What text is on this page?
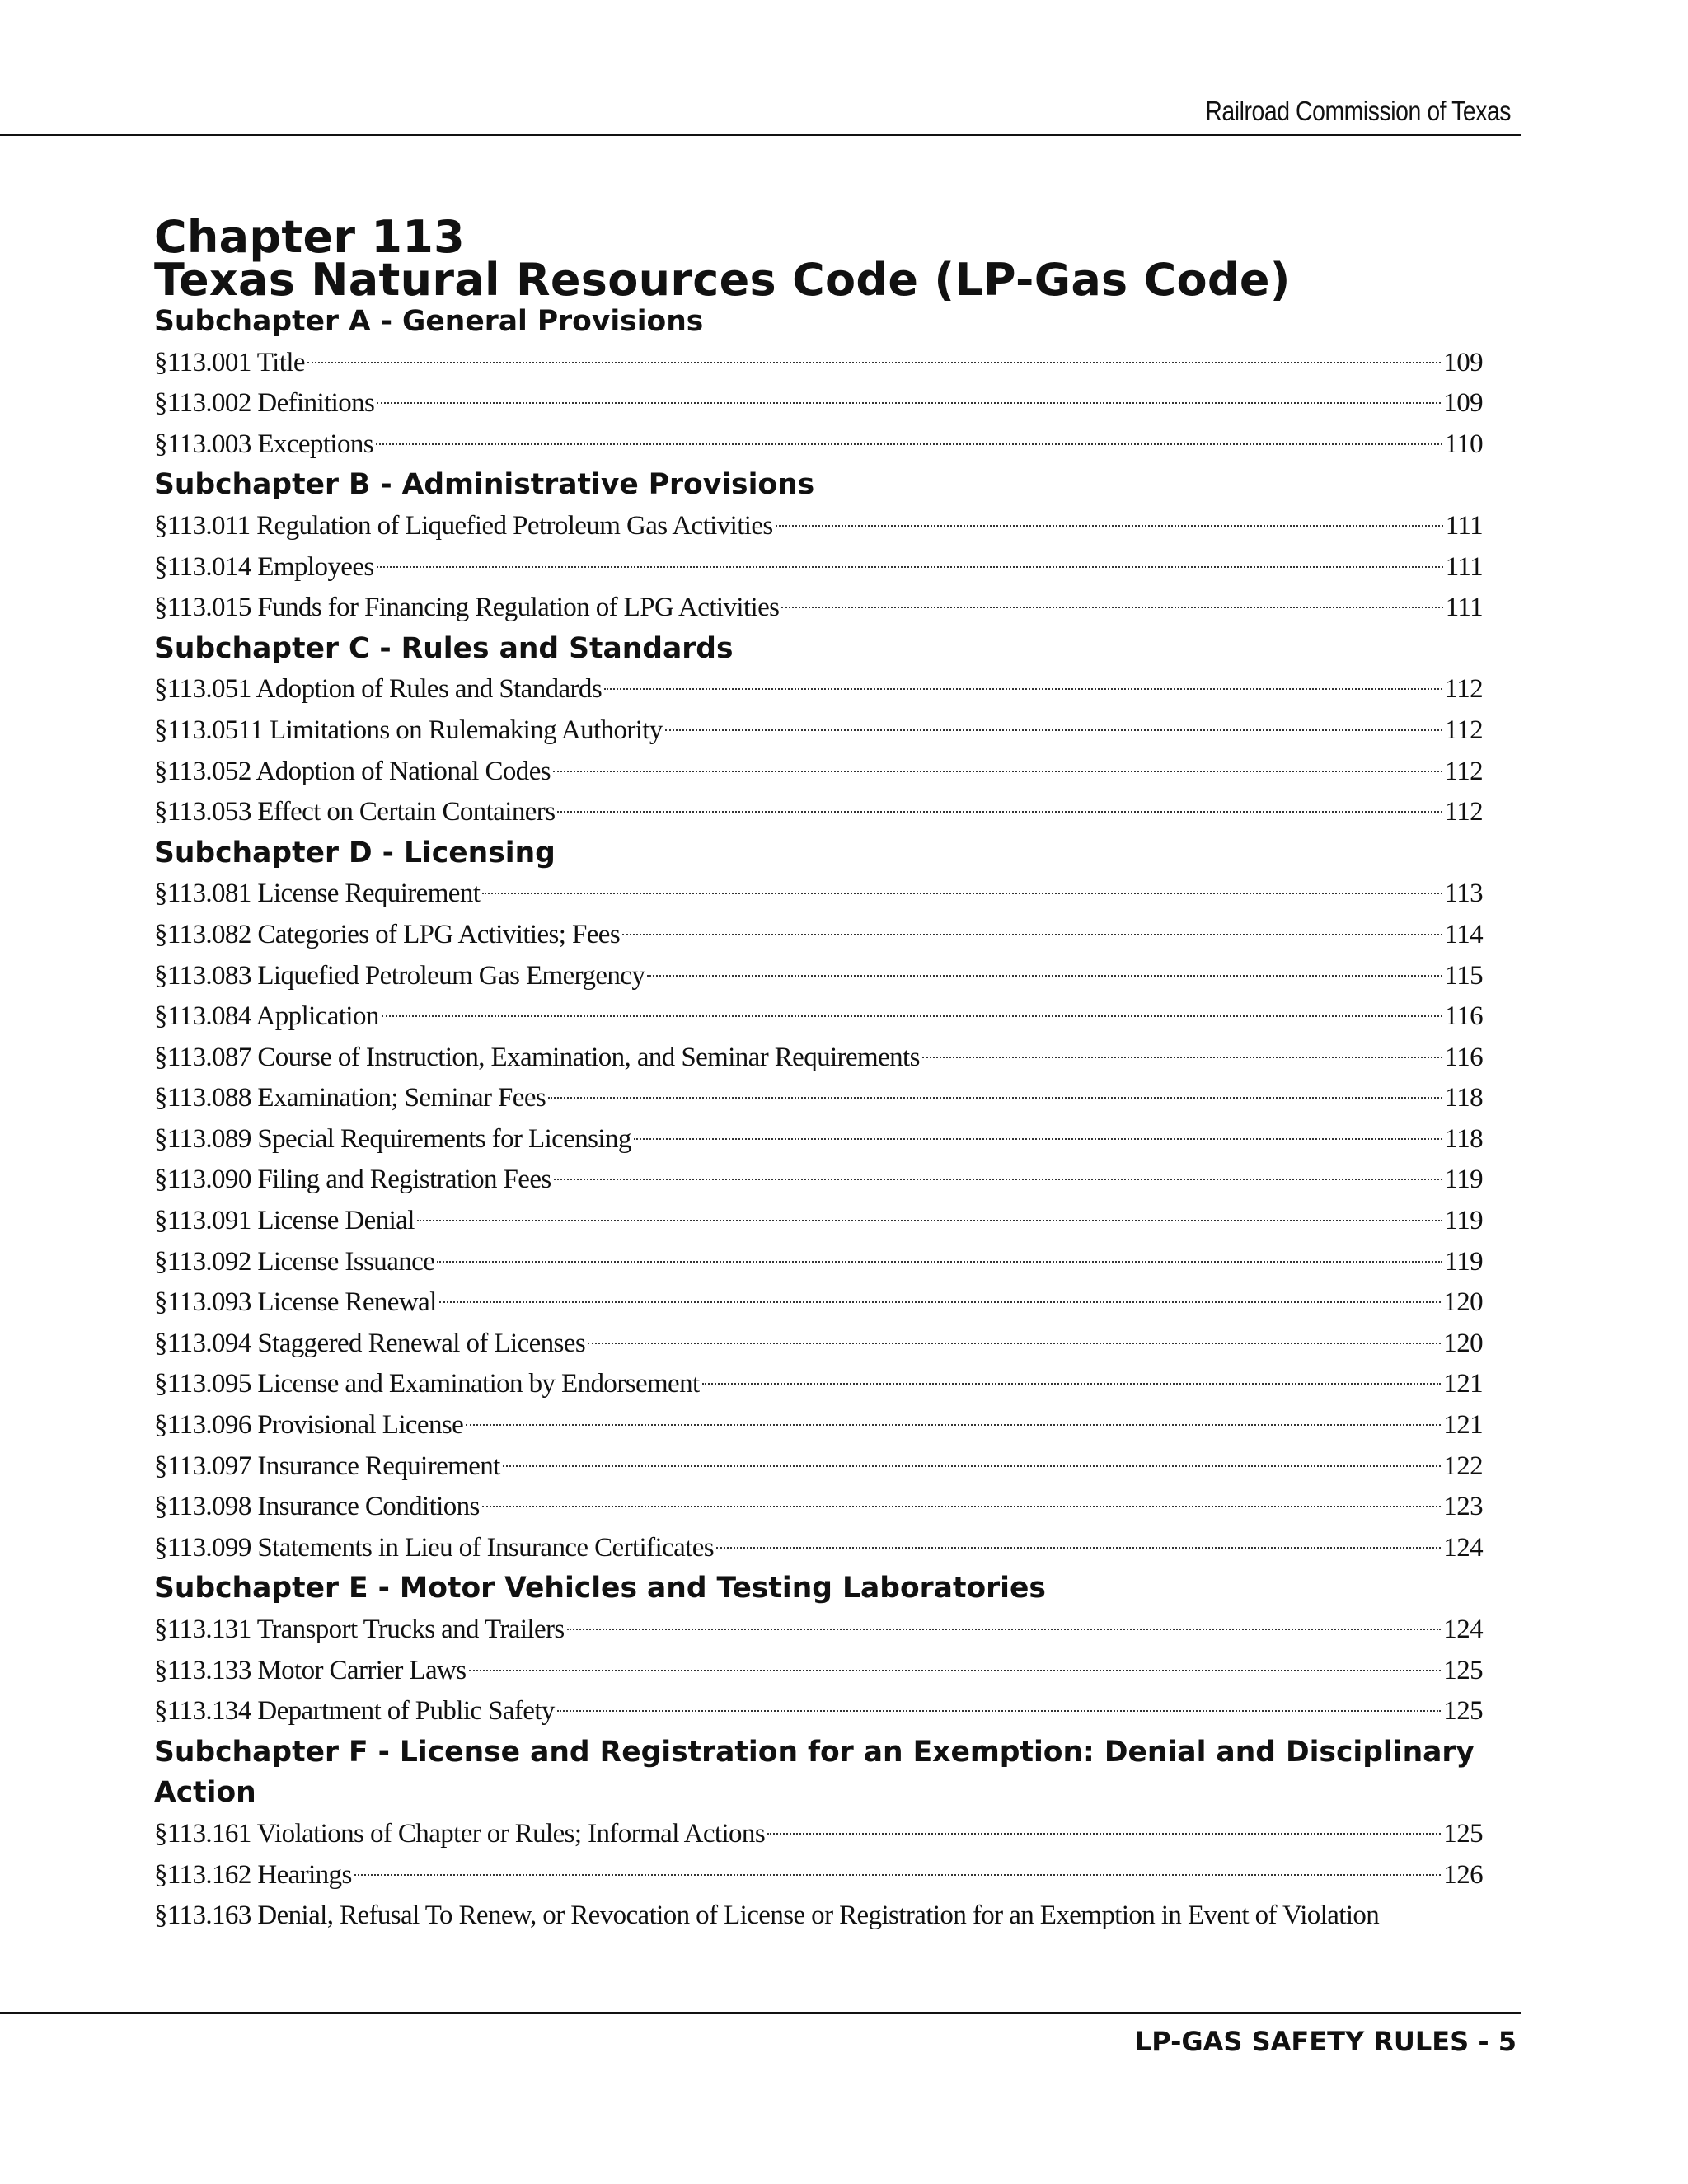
Railroad Commission of Texas
Chapter 113
Texas Natural Resources Code (LP-Gas Code)
Subchapter A - General Provisions
§113.001 Title	109
§113.002 Definitions	109
§113.003 Exceptions	110
Subchapter B - Administrative Provisions
§113.011 Regulation of Liquefied Petroleum Gas Activities	111
§113.014 Employees	111
§113.015 Funds for Financing Regulation of LPG Activities	111
Subchapter C - Rules and Standards
§113.051 Adoption of Rules and Standards	112
§113.0511 Limitations on Rulemaking Authority	112
§113.052 Adoption of National Codes	112
§113.053 Effect on Certain Containers	112
Subchapter D - Licensing
§113.081 License Requirement	113
§113.082 Categories of LPG Activities; Fees	114
§113.083 Liquefied Petroleum Gas Emergency	115
§113.084 Application	116
§113.087 Course of Instruction, Examination, and Seminar Requirements	116
§113.088 Examination; Seminar Fees	118
§113.089 Special Requirements for Licensing	118
§113.090 Filing and Registration Fees	119
§113.091 License Denial	119
§113.092 License Issuance	119
§113.093 License Renewal	120
§113.094 Staggered Renewal of Licenses	120
§113.095 License and Examination by Endorsement	121
§113.096 Provisional License	121
§113.097 Insurance Requirement	122
§113.098 Insurance Conditions	123
§113.099 Statements in Lieu of Insurance Certificates	124
Subchapter E - Motor Vehicles and Testing Laboratories
§113.131 Transport Trucks and Trailers	124
§113.133 Motor Carrier Laws	125
§113.134 Department of Public Safety	125
Subchapter F - License and Registration for an Exemption: Denial and Disciplinary Action
§113.161 Violations of Chapter or Rules; Informal Actions	125
§113.162 Hearings	126
§113.163 Denial, Refusal To Renew, or Revocation of License or Registration for an Exemption in Event of Violation
LP-GAS SAFETY RULES - 5
